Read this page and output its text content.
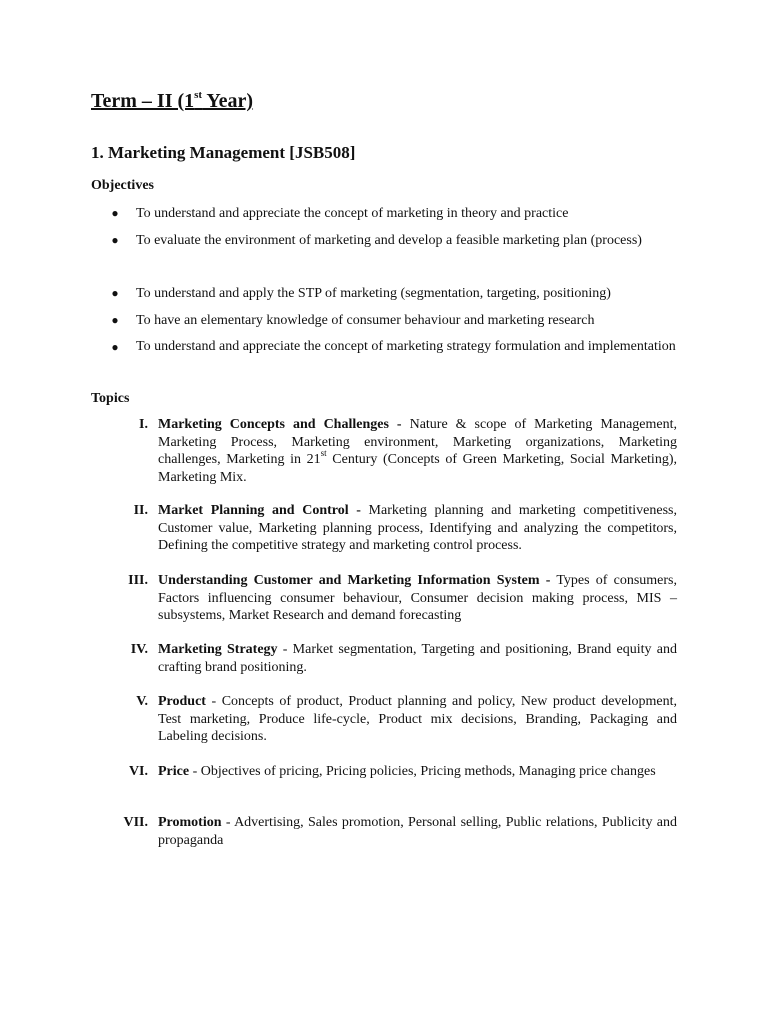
Term – II (1st Year)
1. Marketing Management [JSB508]
Objectives
● To understand and appreciate the concept of marketing in theory and practice
● To evaluate the environment of marketing and develop a feasible marketing plan (process)
● To understand and apply the STP of marketing (segmentation, targeting, positioning)
● To have an elementary knowledge of consumer behaviour and marketing research
● To understand and appreciate the concept of marketing strategy formulation and implementation
Topics
I. Marketing Concepts and Challenges - Nature & scope of Marketing Management, Marketing Process, Marketing environment, Marketing organizations, Marketing challenges, Marketing in 21st Century (Concepts of Green Marketing, Social Marketing), Marketing Mix.
II. Market Planning and Control - Marketing planning and marketing competitiveness, Customer value, Marketing planning process, Identifying and analyzing the competitors, Defining the competitive strategy and marketing control process.
III. Understanding Customer and Marketing Information System - Types of consumers, Factors influencing consumer behaviour, Consumer decision making process, MIS – subsystems, Market Research and demand forecasting
IV. Marketing Strategy - Market segmentation, Targeting and positioning, Brand equity and crafting brand positioning.
V. Product - Concepts of product, Product planning and policy, New product development, Test marketing, Produce life-cycle, Product mix decisions, Branding, Packaging and Labeling decisions.
VI. Price - Objectives of pricing, Pricing policies, Pricing methods, Managing price changes
VII. Promotion - Advertising, Sales promotion, Personal selling, Public relations, Publicity and propaganda
